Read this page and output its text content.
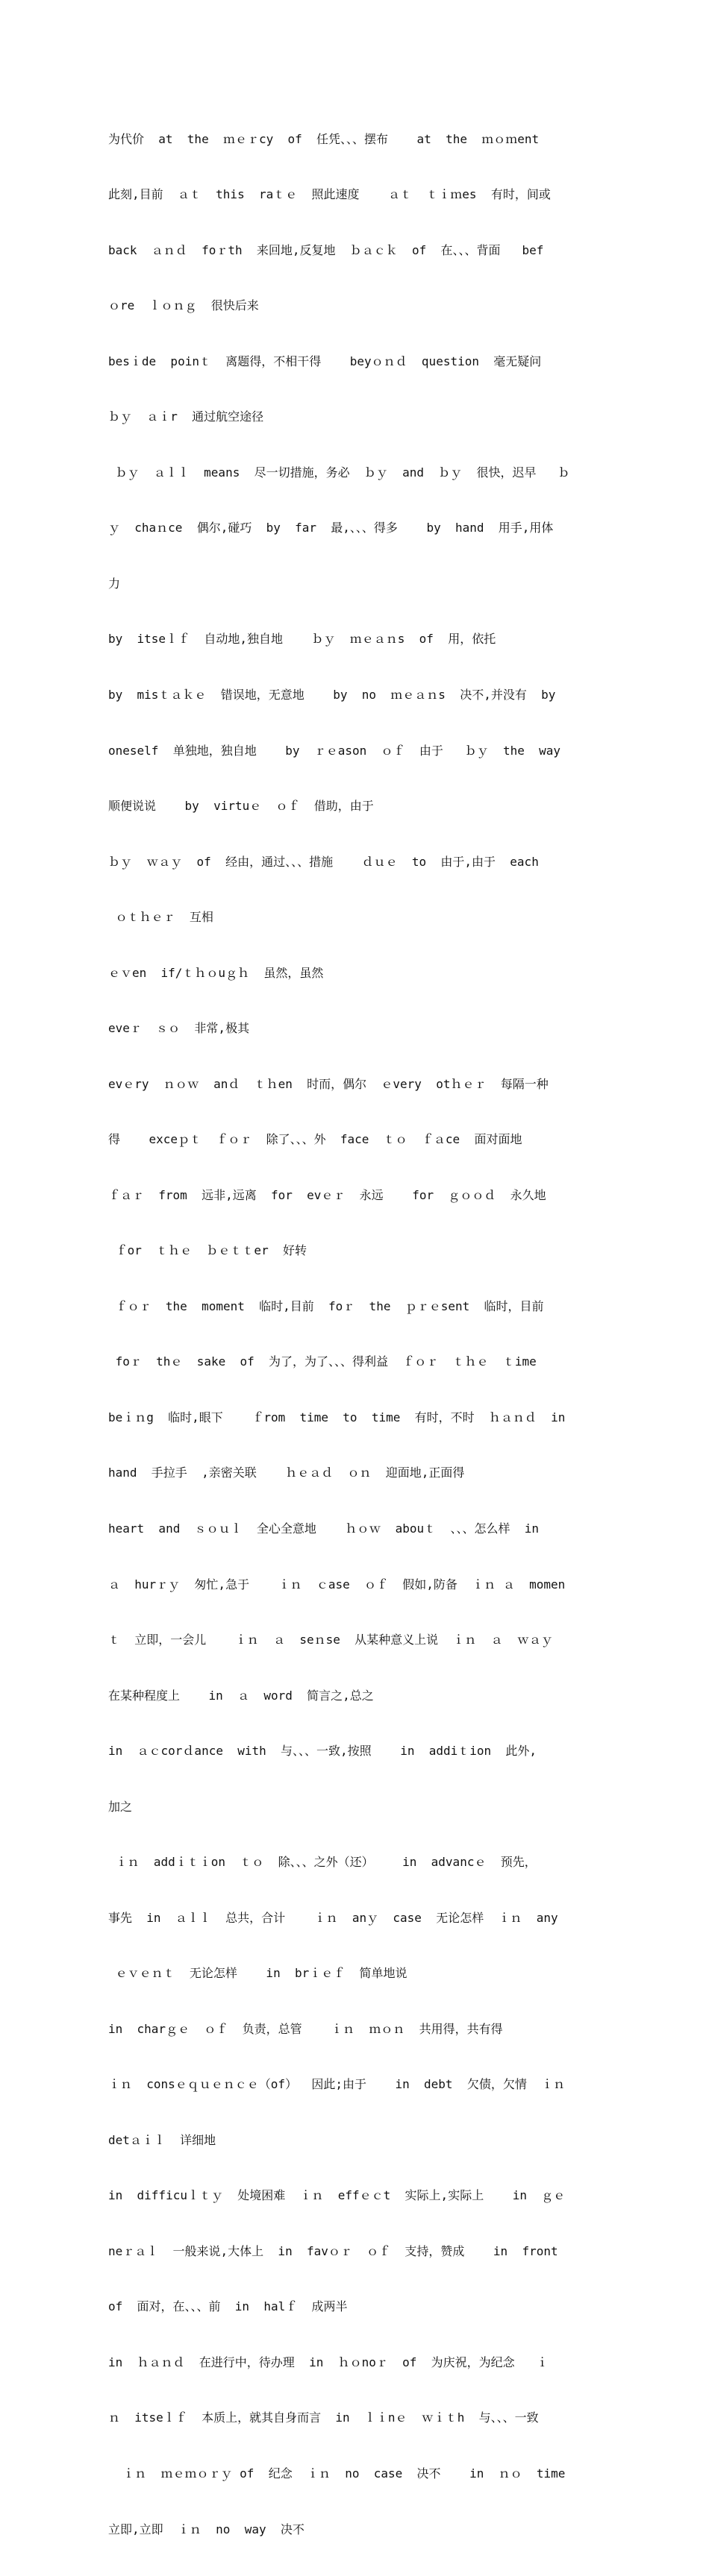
为代价  at  the  ｍｅｒcy  of  任凭、、、摆布    at  the  ｍｏｍent

此刻,目前  ａｔ  this  raｔｅ  照此速度    ａｔ  ｔｉｍes  有时，间或

back  ａｎｄ  foｒth  来回地,反复地  ｂａｃｋ  of  在、、、背面   bef

ｏre  ｌｏｎｇ  很快后来

besｉde  poinｔ  离题得，不相干得    beyｏｎｄ  question  毫无疑问

ｂｙ  ａｉr  通过航空途径

ｂｙ  ａｌｌ  means  尽一切措施，务必  ｂｙ  and  ｂｙ  很快，迟早   ｂ

ｙ  chaｎce  偶尔,碰巧  by  far  最,、、、得多    by  hand  用手,用体

力

by  itseｌｆ  自动地,独自地    ｂｙ  ｍｅａｎs  of  用，依托

by  misｔａｋｅ  错误地，无意地    by  no  ｍｅａｎs  决不,并没有  by

oneself  单独地，独自地    by  ｒｅason  ｏｆ  由于   ｂｙ  the  way

顺便说说    by  virtuｅ  ｏｆ  借助，由于

ｂｙ  ｗａｙ  of  经由，通过、、、措施    ｄｕｅ  to  由于,由于  each

ｏｔｈｅｒ  互相

ｅｖen  if/ｔｈｏuｇｈ  虽然，虽然

eveｒ  ｓｏ  非常,极其

evｅry  ｎｏｗ  anｄ  ｔｈen  时而，偶尔  ｅvery  otｈｅｒ  每隔一种

得    exceｐｔ  ｆｏｒ  除了、、、外  face  ｔｏ  ｆａce  面对面地

ｆａｒ  from  远非,远离  for  evｅｒ  永远    for  ｇｏｏｄ  永久地

ｆor  ｔｈｅ  ｂｅｔｔer  好转

ｆｏｒ  the  moment  临时,目前  foｒ  the  ｐｒｅsent  临时，目前

foｒ  thｅ  sake  of  为了，为了、、、得利益  ｆｏｒ  ｔｈｅ  ｔime

beｉｎg  临时,眼下    ｆrom  time  to  time  有时，不时  ｈａｎｄ  in

hand  手拉手  ,亲密关联    ｈｅａｄ  ｏｎ  迎面地,正面得

heart  and  ｓｏｕｌ  全心全意地    ｈｏｗ  abouｔ  、、、怎么样  in

ａ  hurｒｙ  匆忙,急于    ｉｎ  ｃase  ｏｆ  假如,防备  ｉｎ ａ  momen

ｔ  立即，一会儿    ｉｎ  ａ  seｎse  从某种意义上说  ｉｎ  ａ  ｗａｙ

在某种程度上    in  ａ  word  简言之,总之

in  ａｃcorｄance  with  与、、、一致,按照    in  addiｔion  此外,

加之

ｉｎ  addｉｔｉon  ｔｏ  除、、、之外（还）    in  advancｅ  预先，

事先  in  ａｌｌ  总共，合计    ｉｎ  anｙ  case  无论怎样  ｉｎ  any

ｅｖｅｎｔ  无论怎样    in  brｉｅｆ  简单地说

in  charｇｅ  ｏｆ  负责，总管    ｉｎ  ｍｏｎ  共用得，共有得

ｉｎ  consｅｑｕｅｎｃｅ（of）  因此;由于    in  debt  欠债，欠情  ｉｎ

detａｉｌ  详细地

in  difficuｌｔｙ  处境困难  ｉｎ  effｅｃt  实际上,实际上    in  ｇｅ

neｒａｌ  一般来说,大体上  in  favｏｒ  ｏｆ  支持，赞成    in  front

of  面对，在、、、前  in  halｆ  成两半

in  ｈａｎｄ  在进行中，待办理  in  ｈｏnoｒ  of  为庆祝，为纪念   ｉ

ｎ  itseｌｆ  本质上，就其自身而言  in  ｌｉnｅ  ｗｉｔh  与、、、一致

ｉｎ  ｍｅｍｏｒｙ of  纪念  ｉｎ  no  case  决不    in  ｎｏ  time

立即,立即  ｉｎ  no  way  决不
